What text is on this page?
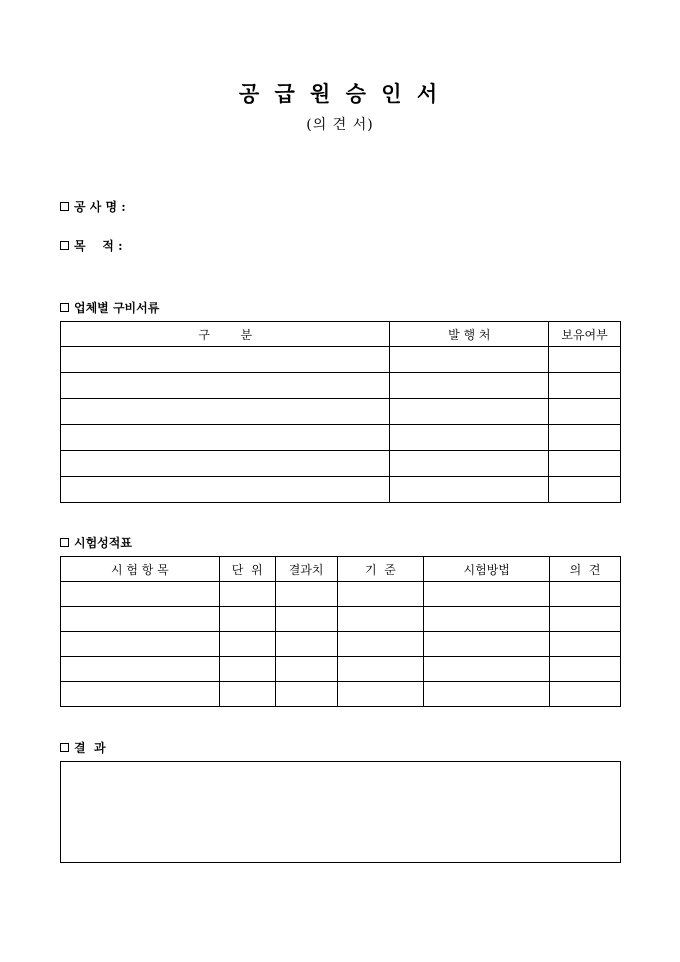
공 급 원 승 인 서
(의 견 서)
공 사 명 :
목    적 :
업체별 구비서류
구        분	발 행 처	보유여부

시험성적표
시 험 항 목	단  위	결과치	기  준	시험방법	의  견

결  과
